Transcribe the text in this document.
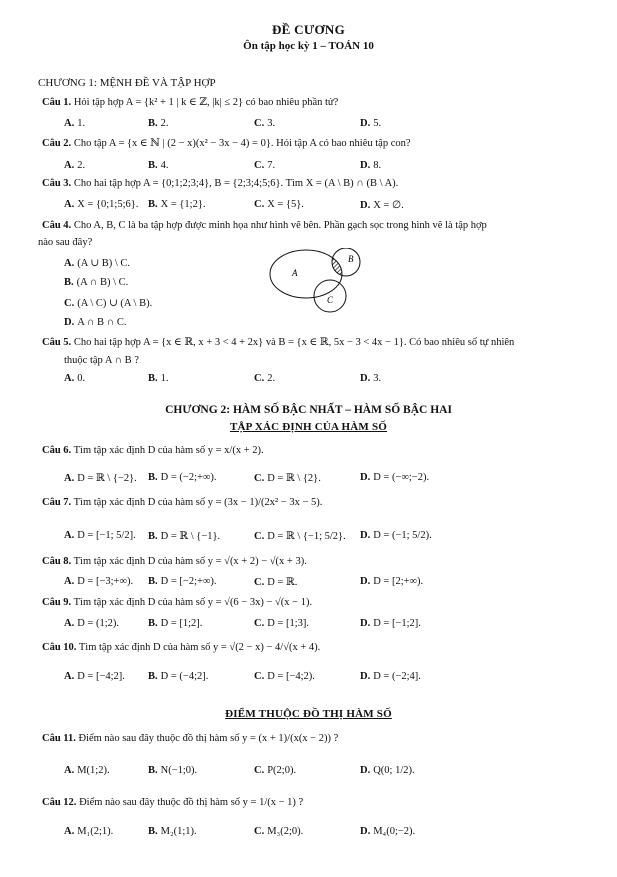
ĐỀ CƯƠNG
Ôn tập học kỳ 1 – TOÁN 10
CHƯƠNG 1: MỆNH ĐỀ VÀ TẬP HỢP
Câu 1. Hỏi tập hợp A = {k² + 1 | k ∈ ℤ, |k| ≤ 2} có bao nhiêu phần tử?
A. 1.	B. 2.	C. 3.	D. 5.
Câu 2. Cho tập A = {x ∈ ℕ | (2 − x)(x² − 3x − 4) = 0}. Hỏi tập A có bao nhiêu tập con?
A. 2.	B. 4.	C. 7.	D. 8.
Câu 3. Cho hai tập hợp A = {0;1;2;3;4}, B = {2;3;4;5;6}. Tìm X = (A \ B) ∩ (B \ A).
A. X = {0;1;5;6}. B. X = {1;2}.	C. X = {5}.	D. X = ∅.
Câu 4. Cho A, B, C là ba tập hợp được minh họa như hình vẽ bên. Phần gạch sọc trong hình vẽ là tập hợp
nào sau đây?
A. (A ∪ B) \ C.
B. (A ∩ B) \ C.
C. (A \ C) ∪ (A \ B).
D. A ∩ B ∩ C.
A
B
C
Câu 5. Cho hai tập hợp A = {x ∈ ℝ, x + 3 < 4 + 2x} và B = {x ∈ ℝ, 5x − 3 < 4x − 1}. Có bao nhiêu số tự nhiên
thuộc tập A ∩ B ?
A. 0.	B. 1.	C. 2.	D. 3.
CHƯƠNG 2: HÀM SỐ BẬC NHẤT – HÀM SỐ BẬC HAI
TẬP XÁC ĐỊNH CỦA HÀM SỐ
Câu 6. Tìm tập xác định D của hàm số y = x/(x + 2).
A. D = ℝ \ {−2}. B. D = (−2;+∞).	C. D = ℝ \ {2}.	D. D = (−∞;−2).
Câu 7. Tìm tập xác định D của hàm số y = (3x − 1)/(2x² − 3x − 5).
A. D = [−1; 5/2]. B. D = ℝ \ {−1}.	C. D = ℝ \ {−1; 5/2}. D. D = (−1; 5/2).
Câu 8. Tìm tập xác định D của hàm số y = √(x + 2) − √(x + 3).
A. D = [−3;+∞). B. D = [−2;+∞).	C. D = ℝ.	D. D = [2;+∞).
Câu 9. Tìm tập xác định D của hàm số y = √(6 − 3x) − √(x − 1).
A. D = (1;2).	B. D = [1;2].	C. D = [1;3].	D. D = [−1;2].
Câu 10. Tìm tập xác định D của hàm số y = √(2 − x) − 4/√(x + 4).
A. D = [−4;2]. B. D = (−4;2].	C. D = [−4;2).	D. D = (−2;4].
ĐIỂM THUỘC ĐỒ THỊ HÀM SỐ
Câu 11. Điểm nào sau đây thuộc đồ thị hàm số y = (x + 1)/(x(x − 2)) ?
A. M(1;2).	B. N(−1;0).	C. P(2;0).	D. Q(0; 1/2).
Câu 12. Điểm nào sau đây thuộc đồ thị hàm số y = 1/(x − 1) ?
A. M₁(2;1).	B. M₂(1;1).	C. M₃(2;0).	D. M₄(0;−2).
